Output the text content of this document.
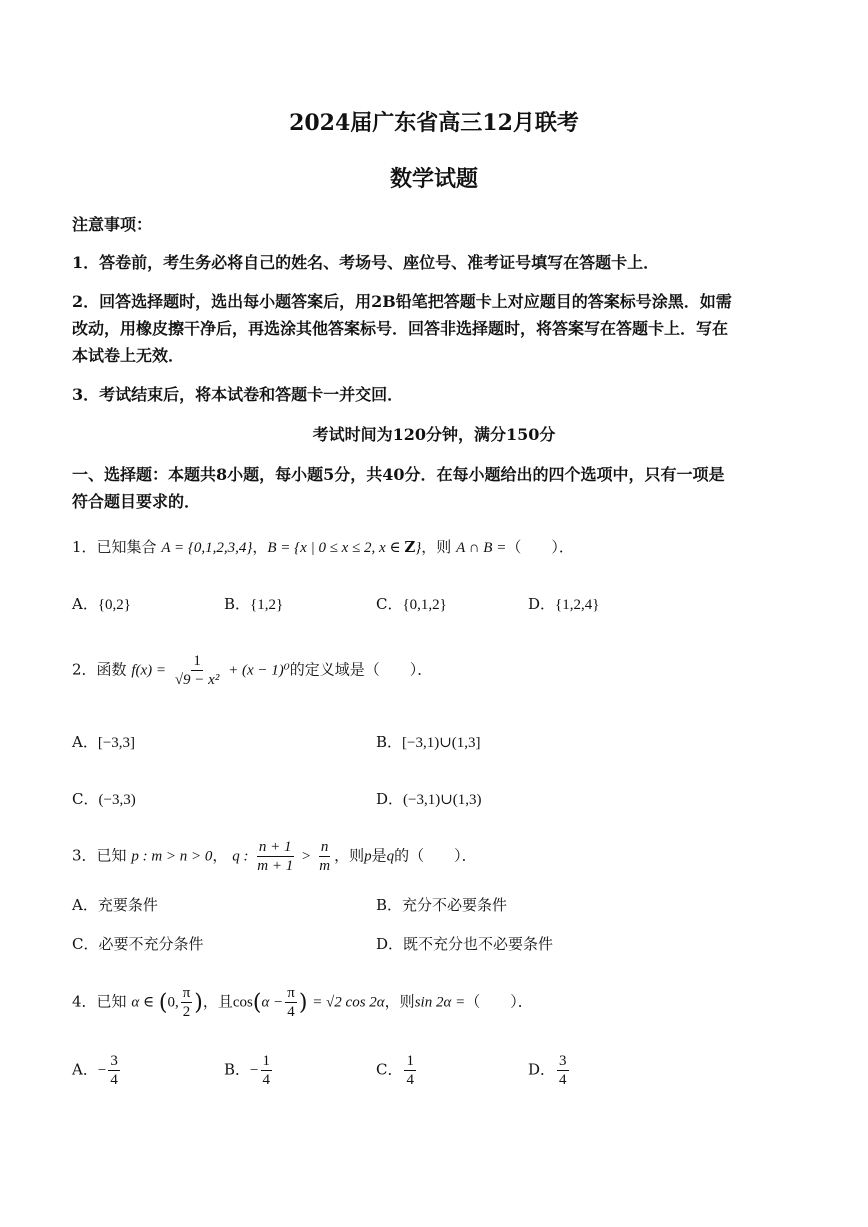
2024届广东省高三12月联考
数学试题
注意事项：
1．答卷前，考生务必将自己的姓名、考场号、座位号、准考证号填写在答题卡上．
2．回答选择题时，选出每小题答案后，用2B铅笔把答题卡上对应题目的答案标号涂黑．如需
改动，用橡皮擦干净后，再选涂其他答案标号．回答非选择题时，将答案写在答题卡上．写在
本试卷上无效．
3．考试结束后，将本试卷和答题卡一并交回．
考试时间为120分钟，满分150分
一、选择题：本题共8小题，每小题5分，共40分．在每小题给出的四个选项中，只有一项是
符合题目要求的．
1．已知集合 A = {0,1,2,3,4}，B = {x | 0 ≤ x ≤ 2, x ∈ Z}，则 A ∩ B =（　　）．
A．{0,2}	B．{1,2}	C．{0,1,2}	D．{1,2,4}
2．函数 $f(x) = \frac{1}{\text{√9 − x²}} + (x - 1)^0$的定义域是（　　）．
A．[−3,3]	B．[−3,1)∪(1,3]
C．(−3,3)	D．(−3,1)∪(1,3)
3．已知 p : m > n > 0， q : $\frac{n + 1}{m + 1} > \frac{n}{m}$ ，则p是q的（　　）．
A．充要条件	B．充分不必要条件
C．必要不充分条件	D．既不充分也不必要条件
4．已知 α ∈ (0, $\frac{\pi}{2}$ )，且$\cos(\alpha - \frac{\pi}{4}$ ) = √2 cos 2α，则sin 2α =（　　）．
A．− $\frac{3}{4}$	B．− $\frac{1}{4}$	C． $\frac{1}{4}$	D． $\frac{3}{4}$
